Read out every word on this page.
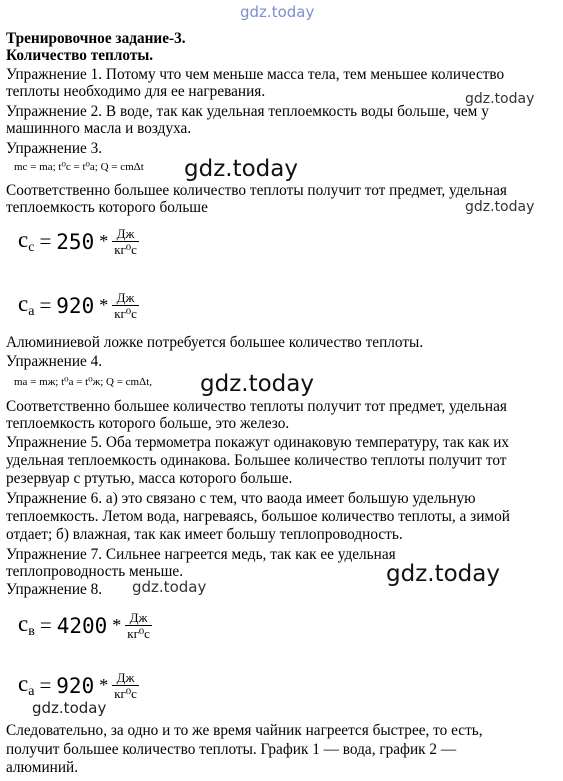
gdz.today
gdz.today
gdz.today
gdz.today
gdz.today
gdz.today
gdz.today
gdz.today
Тренировочное задание-3.
Количество теплоты.
Упражнение 1. Потому что чем меньше масса тела, тем меньшее количество
теплоты необходимо для ее нагревания.
Упражнение 2. В воде, так как удельная теплоемкость воды больше, чем у
машинного масла и воздуха.
Упражнение 3.
mс = mа; t⁰с = t⁰а; Q = cmΔt
Соответственно большее количество теплоты получит тот предмет, удельная
теплоемкость которого больше
$c_с = 250 * \frac{Дж}{\text{кг⁰с}}$
$c_а = 920 * \frac{Дж}{\text{кг⁰с}}$
Алюминиевой ложке потребуется большее количество теплоты.
Упражнение 4.
mа = mж; t⁰а = t⁰ж; Q = cmΔt,
Соответственно большее количество теплоты получит тот предмет, удельная
теплоемкость которого больше, это железо.
Упражнение 5. Оба термометра покажут одинаковую температуру, так как их
удельная теплоемкость одинакова. Большее количество теплоты получит тот
резервуар с ртутью, масса которого больше.
Упражнение 6. а) это связано с тем, что ваода имеет большую удельную
теплоемкость. Летом вода, нагреваясь, большое количество теплоты, а зимой
отдает; б) влажная, так как имеет большу теплопроводность.
Упражнение 7. Сильнее нагреется медь, так как ее удельная
теплопроводность меньше.
Упражнение 8.
$c_в = 4200 * \frac{Дж}{\text{кг⁰с}}$
$c_а = 920 * \frac{Дж}{\text{кг⁰с}}$
Следовательно, за одно и то же время чайник нагреется быстрее, то есть,
получит большее количество теплоты. График 1 — вода, график 2 —
алюминий.
